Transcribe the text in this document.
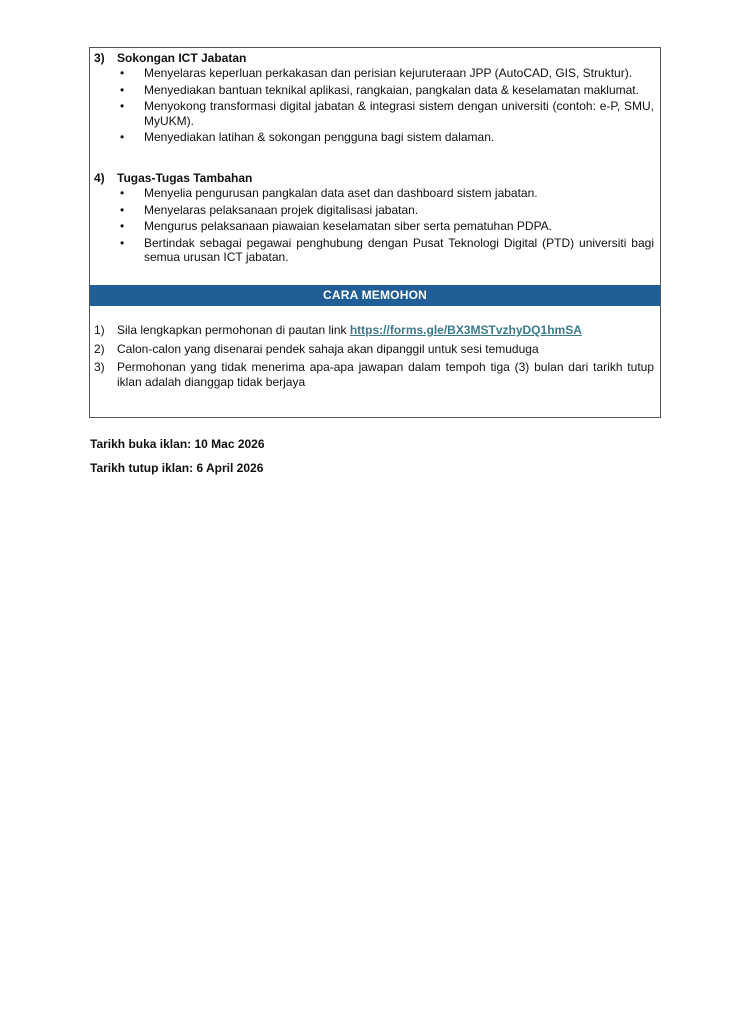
3)	Sokongan ICT Jabatan
• Menyelaras keperluan perkakasan dan perisian kejuruteraan JPP (AutoCAD, GIS, Struktur).
• Menyediakan bantuan teknikal aplikasi, rangkaian, pangkalan data & keselamatan maklumat.
• Menyokong transformasi digital jabatan & integrasi sistem dengan universiti (contoh: e-P, SMU, MyUKM).
• Menyediakan latihan & sokongan pengguna bagi sistem dalaman.
4)	Tugas-Tugas Tambahan
• Menyelia pengurusan pangkalan data aset dan dashboard sistem jabatan.
• Menyelaras pelaksanaan projek digitalisasi jabatan.
• Mengurus pelaksanaan piawaian keselamatan siber serta pematuhan PDPA.
• Bertindak sebagai pegawai penghubung dengan Pusat Teknologi Digital (PTD) universiti bagi semua urusan ICT jabatan.
CARA MEMOHON
1)	Sila lengkapkan permohonan di pautan link https://forms.gle/BX3MSTvzhyDQ1hmSA
2)	Calon-calon yang disenarai pendek sahaja akan dipanggil untuk sesi temuduga
3)	Permohonan yang tidak menerima apa-apa jawapan dalam tempoh tiga (3) bulan dari tarikh tutup iklan adalah dianggap tidak berjaya
Tarikh buka iklan: 10 Mac 2026
Tarikh tutup iklan: 6 April 2026
